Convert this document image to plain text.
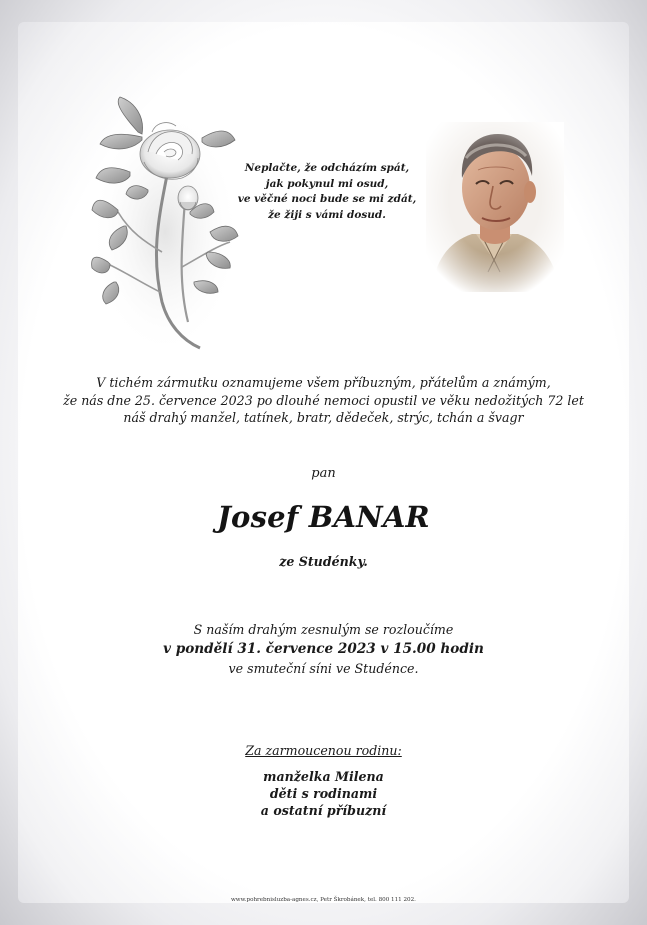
Neplačte, že odcházím spát,
jak pokynul mi osud,
ve věčné noci bude se mi zdát,
že žiji s vámi dosud.
V tichém zármutku oznamujeme všem příbuzným, přátelům a známým,
že nás dne 25. července 2023 po dlouhé nemoci opustil ve věku nedožitých 72 let
náš drahý manžel, tatínek, bratr, dědeček, strýc, tchán a švagr
pan
Josef BANAR
ze Studénky.
S naším drahým zesnulým se rozloučíme
v pondělí 31. července 2023 v 15.00 hodin
ve smuteční síni ve Studénce.
Za zarmoucenou rodinu:
manželka Milena
děti s rodinami
a ostatní příbuzní
www.pohrebnisluzba-agnes.cz, Petr Škrobánek, tel. 800 111 202.
